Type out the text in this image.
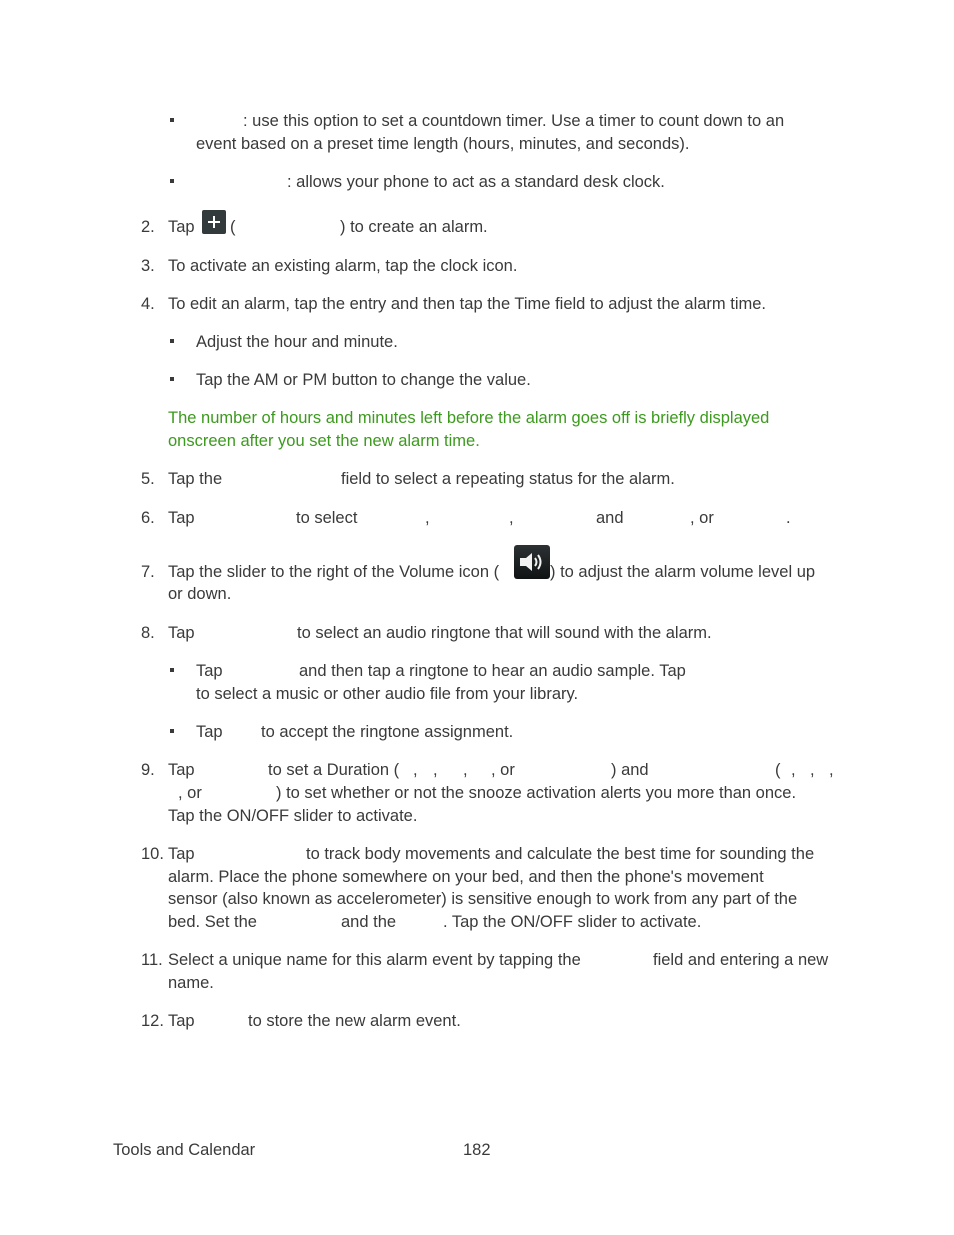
: use this option to set a countdown timer. Use a timer to count down to an
event based on a preset time length (hours, minutes, and seconds).
: allows your phone to act as a standard desk clock.
2. Tap (	) to create an alarm.
3. To activate an existing alarm, tap the clock icon.
4. To edit an alarm, tap the entry and then tap the Time field to adjust the alarm time.
Adjust the hour and minute.
Tap the AM or PM button to change the value.
The number of hours and minutes left before the alarm goes off is briefly displayed
onscreen after you set the new alarm time.
5. Tap the	field to select a repeating status for the alarm.
6. Tap	to select	,	,	and	, or	.
7. Tap the slider to the right of the Volume icon (	) to adjust the alarm volume level up
or down.
8. Tap	to select an audio ringtone that will sound with the alarm.
Tap	and then tap a ringtone to hear an audio sample. Tap
to select a music or other audio file from your library.
Tap to accept the ringtone assignment.
9. Tap	to set a Duration ( , , , , or	) and	( , , ,
, or	) to set whether or not the snooze activation alerts you more than once.
Tap the ON/OFF slider to activate.
10. Tap	to track body movements and calculate the best time for sounding the
alarm. Place the phone somewhere on your bed, and then the phone's movement
sensor (also known as accelerometer) is sensitive enough to work from any part of the
bed. Set the	and the	. Tap the ON/OFF slider to activate.
11. Select a unique name for this alarm event by tapping the	field and entering a new
name.
12. Tap	to store the new alarm event.
Tools and Calendar	182
